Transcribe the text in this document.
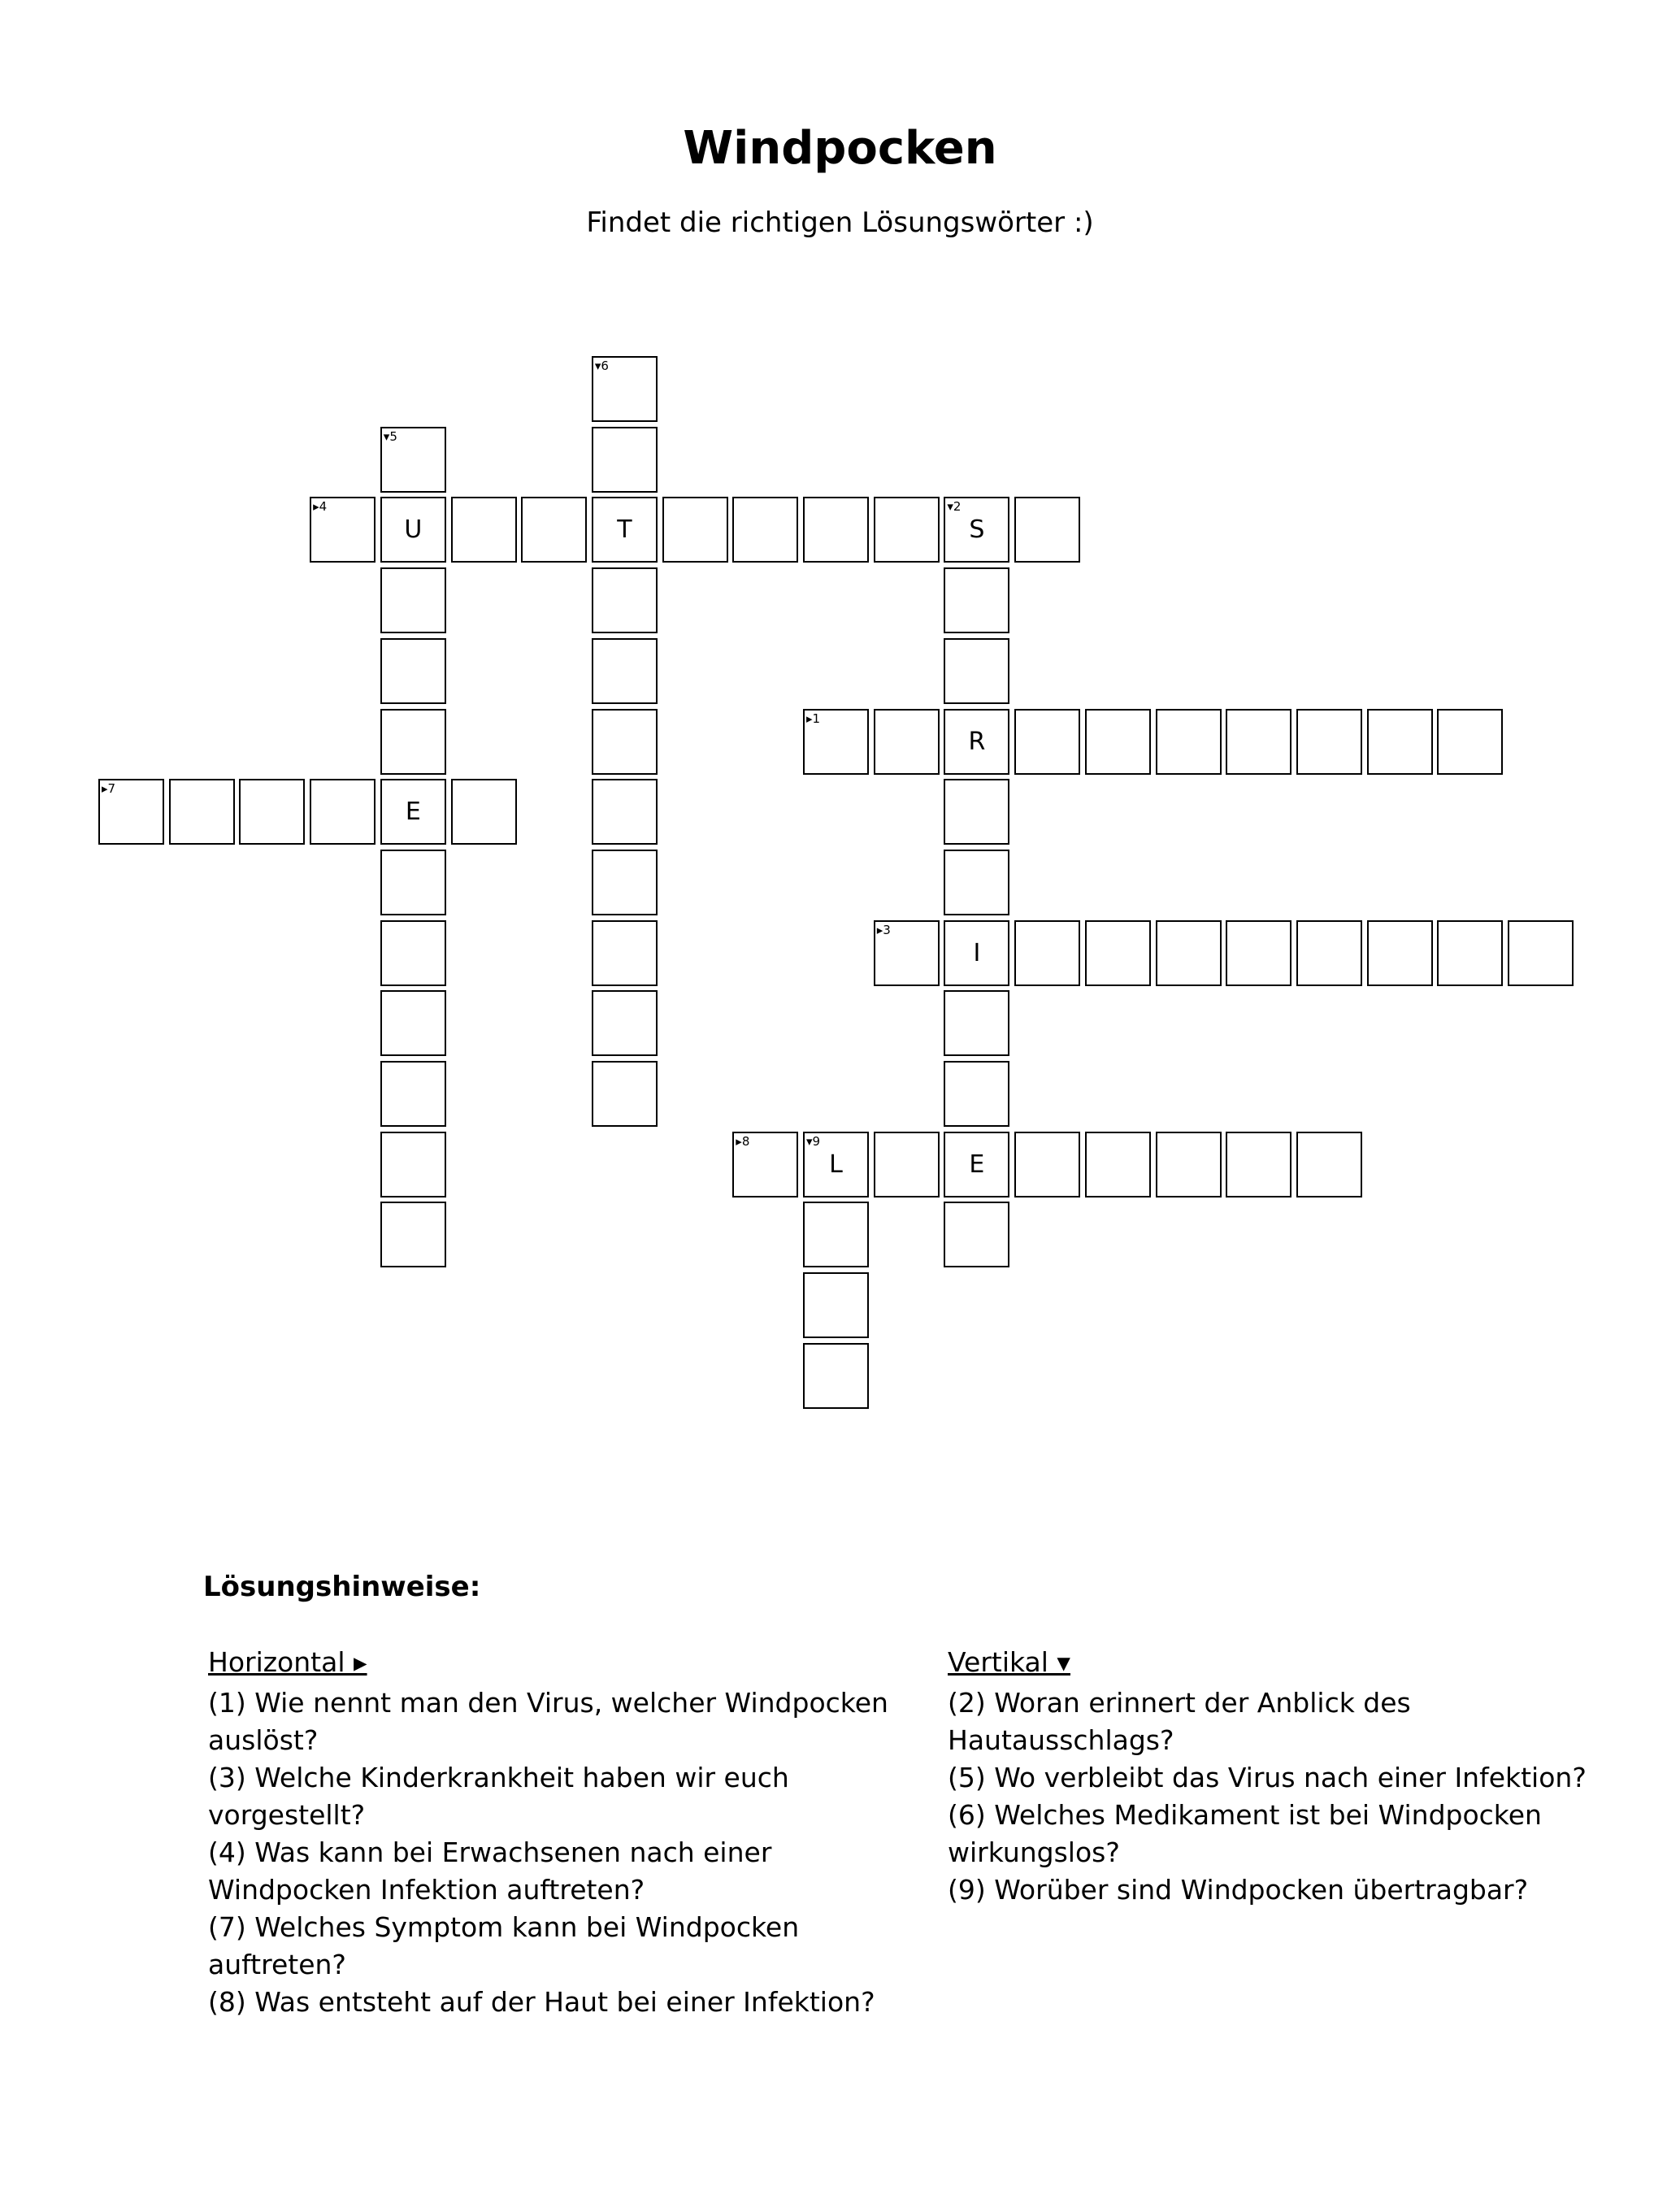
Windpocken
Findet die richtigen Lösungswörter :)
▸1
R
▾2
S
I
E
▸3
▸4
U	T
▾5
E
▾6
▸7
▸8	▾9
L
Lösungshinweise:
Horizontal ▸
(1) Wie nennt man den Virus, welcher Windpocken auslöst?
(3) Welche Kinderkrankheit haben wir euch vorgestellt?
(4) Was kann bei Erwachsenen nach einer Windpocken Infektion auftreten?
(7) Welches Symptom kann bei Windpocken auftreten?
(8) Was entsteht auf der Haut bei einer Infektion?
Vertikal ▾
(2) Woran erinnert der Anblick des Hautausschlags?
(5) Wo verbleibt das Virus nach einer Infektion?
(6) Welches Medikament ist bei Windpocken wirkungslos?
(9) Worüber sind Windpocken übertragbar?
